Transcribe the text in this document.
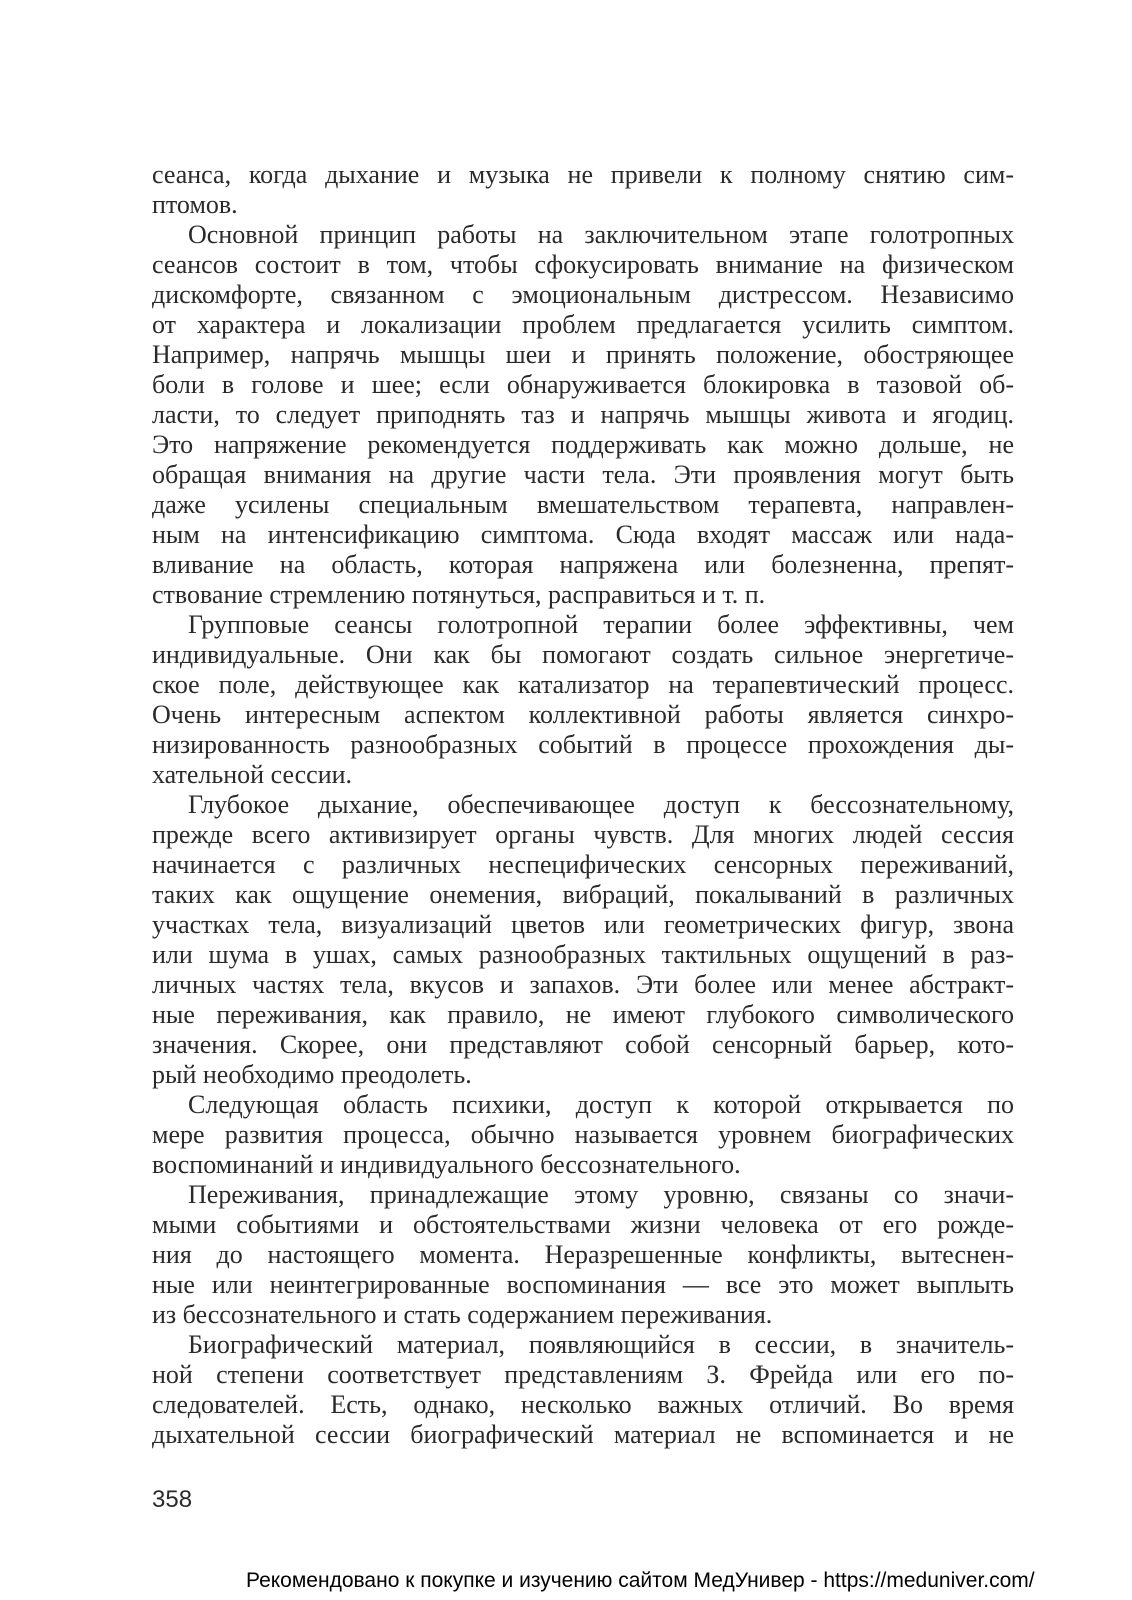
сеанса, когда дыхание и музыка не привели к полному снятию сим-
птомов.
Основной принцип работы на заключительном этапе голотропных
сеансов состоит в том, чтобы сфокусировать внимание на физическом
дискомфорте, связанном с эмоциональным дистрессом. Независимо
от характера и локализации проблем предлагается усилить симптом.
Например, напрячь мышцы шеи и принять положение, обостряющее
боли в голове и шее; если обнаруживается блокировка в тазовой об-
ласти, то следует приподнять таз и напрячь мышцы живота и ягодиц.
Это напряжение рекомендуется поддерживать как можно дольше, не
обращая внимания на другие части тела. Эти проявления могут быть
даже усилены специальным вмешательством терапевта, направлен-
ным на интенсификацию симптома. Сюда входят массаж или нада-
вливание на область, которая напряжена или болезненна, препят-
ствование стремлению потянуться, расправиться и т. п.
Групповые сеансы голотропной терапии более эффективны, чем
индивидуальные. Они как бы помогают создать сильное энергетиче-
ское поле, действующее как катализатор на терапевтический процесс.
Очень интересным аспектом коллективной работы является синхро-
низированность разнообразных событий в процессе прохождения ды-
хательной сессии.
Глубокое дыхание, обеспечивающее доступ к бессознательному,
прежде всего активизирует органы чувств. Для многих людей сессия
начинается с различных неспецифических сенсорных переживаний,
таких как ощущение онемения, вибраций, покалываний в различных
участках тела, визуализаций цветов или геометрических фигур, звона
или шума в ушах, самых разнообразных тактильных ощущений в раз-
личных частях тела, вкусов и запахов. Эти более или менее абстракт-
ные переживания, как правило, не имеют глубокого символического
значения. Скорее, они представляют собой сенсорный барьер, кото-
рый необходимо преодолеть.
Следующая область психики, доступ к которой открывается по
мере развития процесса, обычно называется уровнем биографических
воспоминаний и индивидуального бессознательного.
Переживания, принадлежащие этому уровню, связаны со значи-
мыми событиями и обстоятельствами жизни человека от его рожде-
ния до настоящего момента. Неразрешенные конфликты, вытеснен-
ные или неинтегрированные воспоминания — все это может выплыть
из бессознательного и стать содержанием переживания.
Биографический материал, появляющийся в сессии, в значитель-
ной степени соответствует представлениям З. Фрейда или его по-
следователей. Есть, однако, несколько важных отличий. Во время
дыхательной сессии биографический материал не вспоминается и не
358
Рекомендовано к покупке и изучению сайтом МедУнивер - https://meduniver.com/
